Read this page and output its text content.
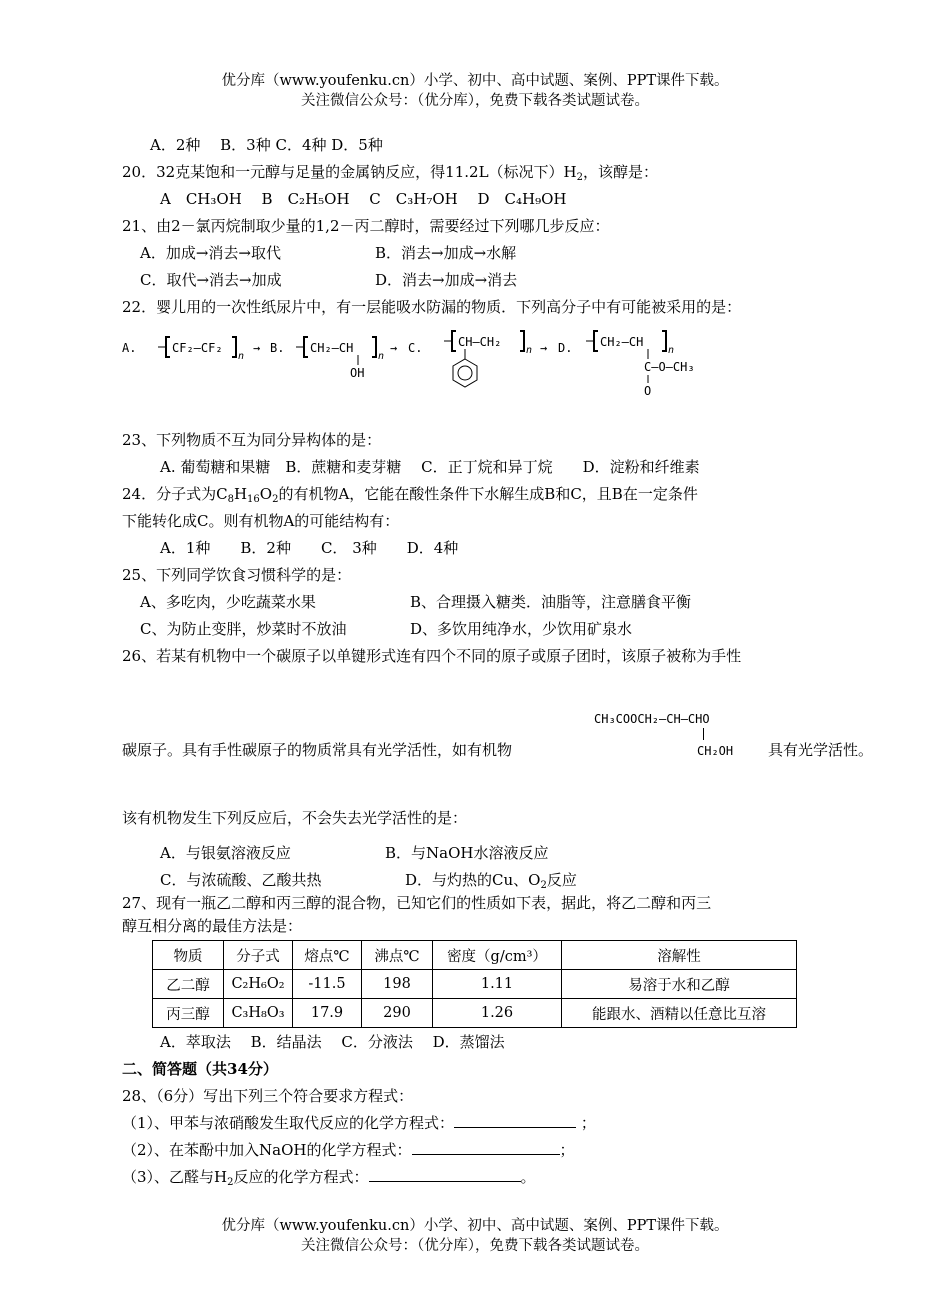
优分库（www.youfenku.cn）小学、初中、高中试题、案例、PPT课件下载。
关注微信公众号：（优分库），免费下载各类试题试卷。
A．2种　 B．3种 C．4种 D．5种
20．32克某饱和一元醇与足量的金属钠反应，得11.2L（标况下）$H_2$，该醇是：
A　CH₃OH　 B　C₂H₅OH　 C　C₃H₇OH　 D　C₄H₉OH
21、由2－氯丙烷制取少量的1,2－丙二醇时，需要经过下列哪几步反应：
A．加成→消去→取代	B．消去→加成→水解
C．取代→消去→加成	D．消去→加成→消去
22．婴儿用的一次性纸尿片中，有一层能吸水防漏的物质．下列高分子中有可能被采用的是：
A.	CF₂—CF₂
n
→ B. CH₂—CH
OH
n
→ C.	CH—CH₂
n → D. CH₂—CH
n
C—O—CH₃
O
23、下列物质不互为同分异构体的是：
A. 葡萄糖和果糖　B．蔗糖和麦芽糖　 C．正丁烷和异丁烷　　D．淀粉和纤维素
24．分子式为$C_8H_{16}O_2$的有机物A，它能在酸性条件下水解生成B和C，且B在一定条件
下能转化成C。则有机物A的可能结构有：
A．1种　　B．2种　　C． 3种　　D．4种
25、下列同学饮食习惯科学的是：
A、多吃肉，少吃蔬菜水果	B、合理摄入糖类．油脂等，注意膳食平衡
C、为防止变胖，炒菜时不放油	D、多饮用纯净水，少饮用矿泉水
26、若某有机物中一个碳原子以单键形式连有四个不同的原子或原子团时，该原子被称为手性
CH₃COOCH₂—CH—CHO
CH₂OH
碳原子。具有手性碳原子的物质常具有光学活性，如有机物	具有光学活性。
该有机物发生下列反应后，不会失去光学活性的是：
A．与银氨溶液反应	B．与NaOH水溶液反应
C．与浓硫酸、乙酸共热	D．与灼热的Cu、$O_2$反应
27、现有一瓶乙二醇和丙三醇的混合物，已知它们的性质如下表，据此，将乙二醇和丙三
醇互相分离的最佳方法是：
物质	分子式	熔点℃	沸点℃	密度（g/cm³）	溶解性
乙二醇	C₂H₆O₂	-11.5	198	1.11	易溶于水和乙醇
丙三醇	C₃H₈O₃	17.9	290	1.26	能跟水、酒精以任意比互溶
A．萃取法　 B．结晶法　 C．分液法　 D．蒸馏法
二、简答题（共34分）
28、（6分）写出下列三个符合要求方程式：
（1）、甲苯与浓硝酸发生取代反应的化学方程式：	；
（2）、在苯酚中加入NaOH的化学方程式：	；
（3）、乙醛与$H_2$反应的化学方程式：	。
优分库（www.youfenku.cn）小学、初中、高中试题、案例、PPT课件下载。
关注微信公众号：（优分库），免费下载各类试题试卷。
